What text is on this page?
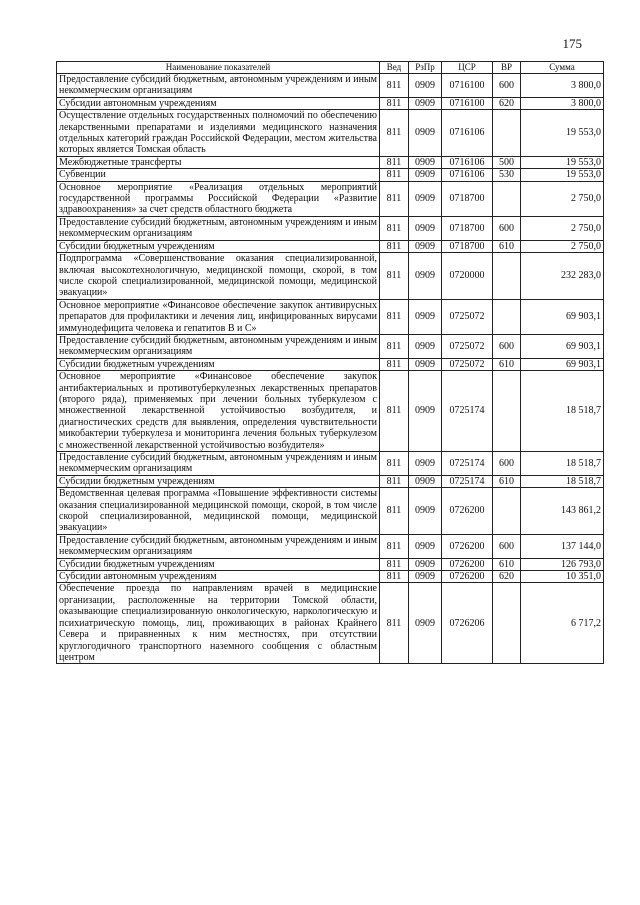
175
Наименование показателей	Вед	РзПр	ЦСР	ВР	Сумма
Предоставление субсидий бюджетным, автономным учреждениям и иным некоммерческим организациям	811	0909	0716100	600	3 800,0
Субсидии автономным учреждениям	811	0909	0716100	620	3 800,0
Осуществление отдельных государственных полномочий по обеспечению лекарственными препаратами и изделиями медицинского назначения отдельных категорий граждан Российской Федерации, местом жительства которых является Томская область	811	0909	0716106		19 553,0
Межбюджетные трансферты	811	0909	0716106	500	19 553,0
Субвенции	811	0909	0716106	530	19 553,0
Основное мероприятие «Реализация отдельных мероприятий государственной программы Российской Федерации «Развитие здравоохранения» за счет средств областного бюджета	811	0909	0718700		2 750,0
Предоставление субсидий бюджетным, автономным учреждениям и иным некоммерческим организациям	811	0909	0718700	600	2 750,0
Субсидии бюджетным учреждениям	811	0909	0718700	610	2 750,0
Подпрограмма «Совершенствование оказания специализированной, включая высокотехнологичную, медицинской помощи, скорой, в том числе скорой специализированной, медицинской помощи, медицинской эвакуации»	811	0909	0720000		232 283,0
Основное мероприятие «Финансовое обеспечение закупок антивирусных препаратов для профилактики и лечения лиц, инфицированных вирусами иммунодефицита человека и гепатитов В и С»	811	0909	0725072		69 903,1
Предоставление субсидий бюджетным, автономным учреждениям и иным некоммерческим организациям	811	0909	0725072	600	69 903,1
Субсидии бюджетным учреждениям	811	0909	0725072	610	69 903,1
Основное мероприятие «Финансовое обеспечение закупок антибактериальных и противотуберкулезных лекарственных препаратов (второго ряда), применяемых при лечении больных туберкулезом с множественной лекарственной устойчивостью возбудителя, и диагностических средств для выявления, определения чувствительности микобактерии туберкулеза и мониторинга лечения больных туберкулезом с множественной лекарственной устойчивостью возбудителя»	811	0909	0725174		18 518,7
Предоставление субсидий бюджетным, автономным учреждениям и иным некоммерческим организациям	811	0909	0725174	600	18 518,7
Субсидии бюджетным учреждениям	811	0909	0725174	610	18 518,7
Ведомственная целевая программа «Повышение эффективности системы оказания специализированной медицинской помощи, скорой, в том числе скорой специализированной, медицинской помощи, медицинской эвакуации»	811	0909	0726200		143 861,2
Предоставление субсидий бюджетным, автономным учреждениям и иным некоммерческим организациям	811	0909	0726200	600	137 144,0
Субсидии бюджетным учреждениям	811	0909	0726200	610	126 793,0
Субсидии автономным учреждениям	811	0909	0726200	620	10 351,0
Обеспечение проезда по направлениям врачей в медицинские организации, расположенные на территории Томской области, оказывающие специализированную онкологическую, наркологическую и психиатрическую помощь, лиц, проживающих в районах Крайнего Севера и приравненных к ним местностях, при отсутствии круглогодичного транспортного наземного сообщения с областным центром	811	0909	0726206		6 717,2
